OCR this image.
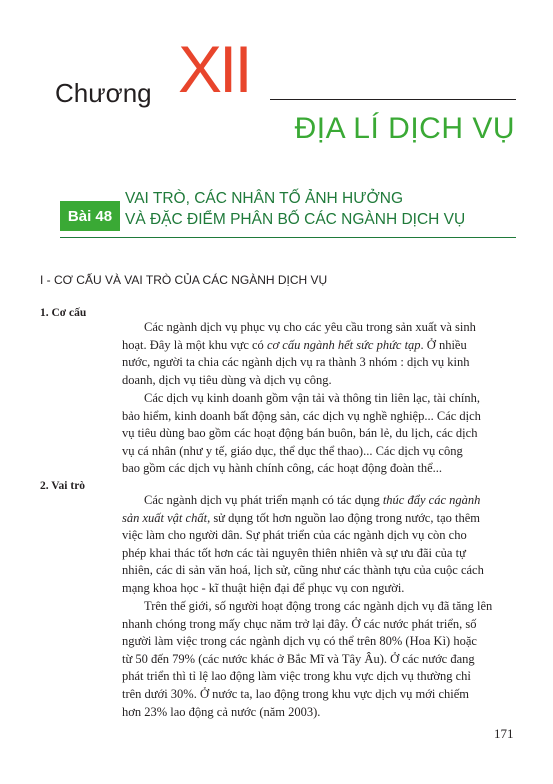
Chương XII
ĐỊA LÍ DỊCH VỤ
Bài 48
VAI TRÒ, CÁC NHÂN TỐ ẢNH HƯỞNG
VÀ ĐẶC ĐIỂM PHÂN BỐ CÁC NGÀNH DỊCH VỤ
I - CƠ CẤU VÀ VAI TRÒ CỦA CÁC NGÀNH DỊCH VỤ
1. Cơ cấu
Các ngành dịch vụ phục vụ cho các yêu cầu trong sản xuất và sinh
hoạt. Đây là một khu vực có cơ cấu ngành hết sức phức tạp. Ở nhiều
nước, người ta chia các ngành dịch vụ ra thành 3 nhóm : dịch vụ kinh
doanh, dịch vụ tiêu dùng và dịch vụ công.
Các dịch vụ kinh doanh gồm vận tải và thông tin liên lạc, tài chính,
bảo hiểm, kinh doanh bất động sản, các dịch vụ nghề nghiệp... Các dịch
vụ tiêu dùng bao gồm các hoạt động bán buôn, bán lẻ, du lịch, các dịch
vụ cá nhân (như y tế, giáo dục, thể dục thể thao)... Các dịch vụ công
bao gồm các dịch vụ hành chính công, các hoạt động đoàn thể...
2. Vai trò
Các ngành dịch vụ phát triển mạnh có tác dụng thúc đẩy các ngành
sản xuất vật chất, sử dụng tốt hơn nguồn lao động trong nước, tạo thêm
việc làm cho người dân. Sự phát triển của các ngành dịch vụ còn cho
phép khai thác tốt hơn các tài nguyên thiên nhiên và sự ưu đãi của tự
nhiên, các di sản văn hoá, lịch sử, cũng như các thành tựu của cuộc cách
mạng khoa học - kĩ thuật hiện đại để phục vụ con người.
Trên thế giới, số người hoạt động trong các ngành dịch vụ đã tăng lên
nhanh chóng trong mấy chục năm trở lại đây. Ở các nước phát triển, số
người làm việc trong các ngành dịch vụ có thể trên 80% (Hoa Kì) hoặc
từ 50 đến 79% (các nước khác ở Bắc Mĩ và Tây Âu). Ở các nước đang
phát triển thì tỉ lệ lao động làm việc trong khu vực dịch vụ thường chỉ
trên dưới 30%. Ở nước ta, lao động trong khu vực dịch vụ mới chiếm
hơn 23% lao động cả nước (năm 2003).
171
